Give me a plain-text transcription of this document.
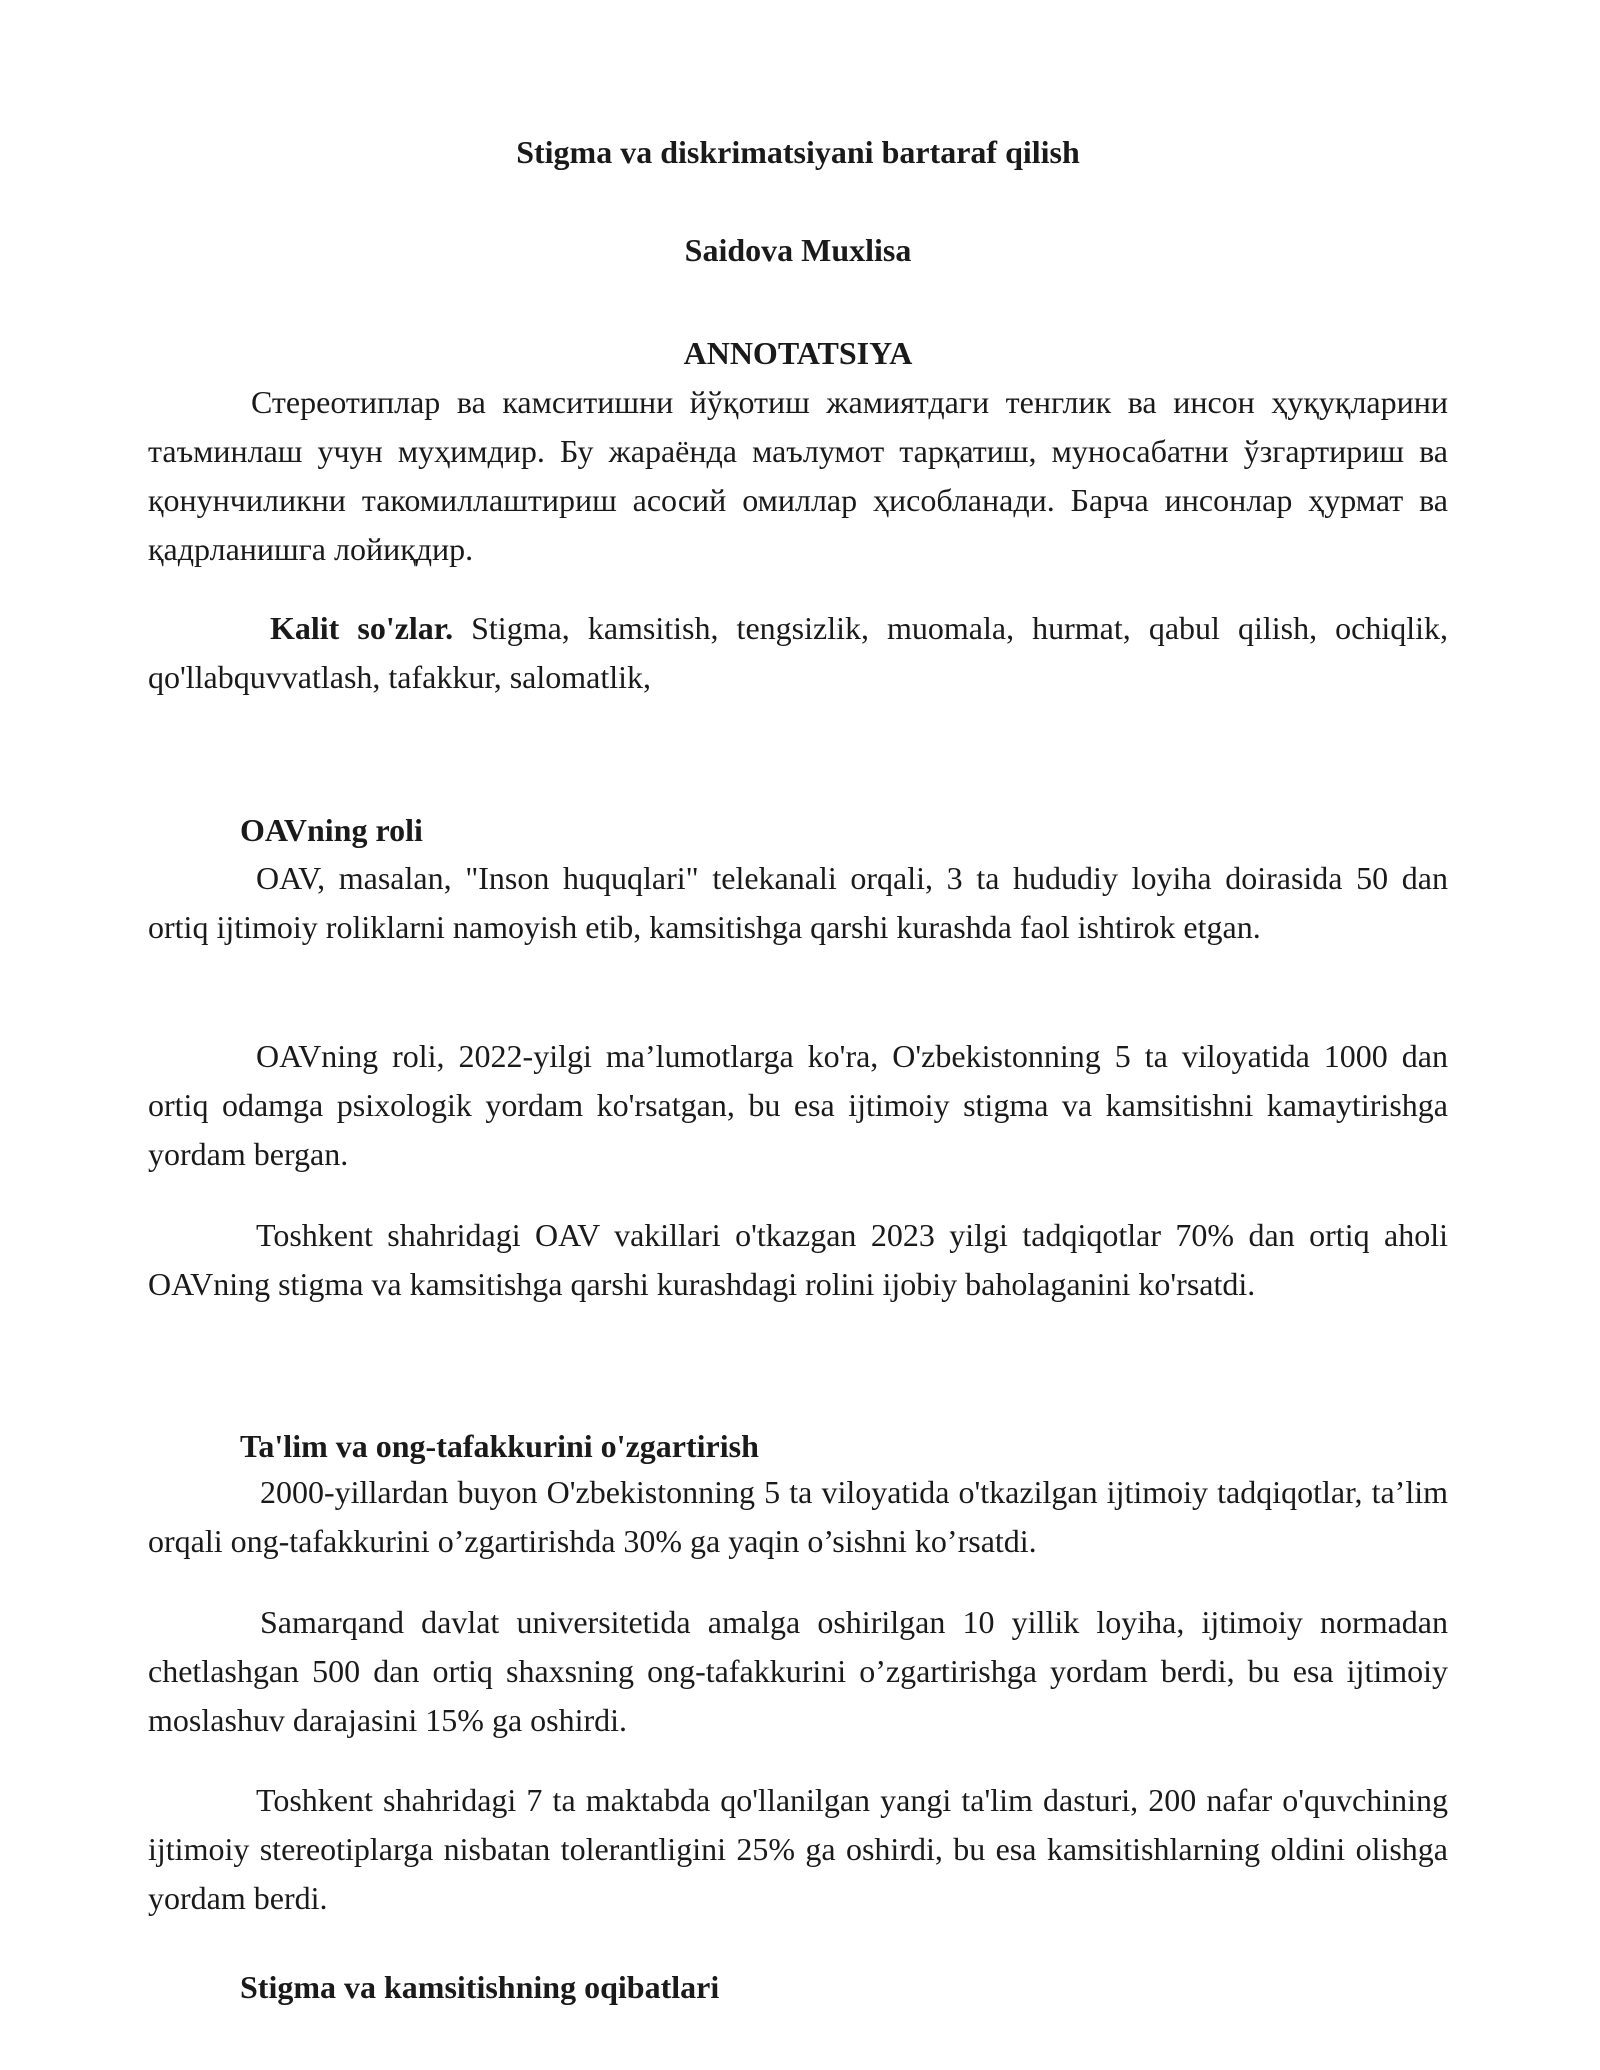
Stigma va diskrimatsiyani bartaraf qilish
Saidova Muxlisa
ANNOTATSIYA

Стереотиплар ва камситишни йўқотиш жамиятдаги тенглик ва инсон ҳуқуқларини таъминлаш учун муҳимдир. Бу жараёнда маълумот тарқатиш, муносабатни ўзгартириш ва қонунчиликни такомиллаштириш асосий омиллар ҳисобланади. Барча инсонлар ҳурмат ва қадрланишга лойиқдир.

Kalit so'zlar. Stigma, kamsitish, tengsizlik, muomala, hurmat, qabul qilish, ochiqlik, qo'llabquvvatlash, tafakkur, salomatlik,

OAVning roli

OAV, masalan, "Inson huquqlari" telekanali orqali, 3 ta hududiy loyiha doirasida 50 dan ortiq ijtimoiy roliklarni namoyish etib, kamsitishga qarshi kurashda faol ishtirok etgan.

OAVning roli, 2022-yilgi ma’lumotlarga ko'ra, O'zbekistonning 5 ta viloyatida 1000 dan ortiq odamga psixologik yordam ko'rsatgan, bu esa ijtimoiy stigma va kamsitishni kamaytirishga yordam bergan.

Toshkent shahridagi OAV vakillari o'tkazgan 2023 yilgi tadqiqotlar 70% dan ortiq aholi OAVning stigma va kamsitishga qarshi kurashdagi rolini ijobiy baholaganini ko'rsatdi.

Ta'lim va ong-tafakkurini o'zgartirish

2000-yillardan buyon O'zbekistonning 5 ta viloyatida o'tkazilgan ijtimoiy tadqiqotlar, ta’lim orqali ong-tafakkurini o’zgartirishda 30% ga yaqin o’sishni ko’rsatdi.

Samarqand davlat universitetida amalga oshirilgan 10 yillik loyiha, ijtimoiy normadan chetlashgan 500 dan ortiq shaxsning ong-tafakkurini o’zgartirishga yordam berdi, bu esa ijtimoiy moslashuv darajasini 15% ga oshirdi.

Toshkent shahridagi 7 ta maktabda qo'llanilgan yangi ta'lim dasturi, 200 nafar o'quvchining ijtimoiy stereotiplarga nisbatan tolerantligini 25% ga oshirdi, bu esa kamsitishlarning oldini olishga yordam berdi.

Stigma va kamsitishning oqibatlari
